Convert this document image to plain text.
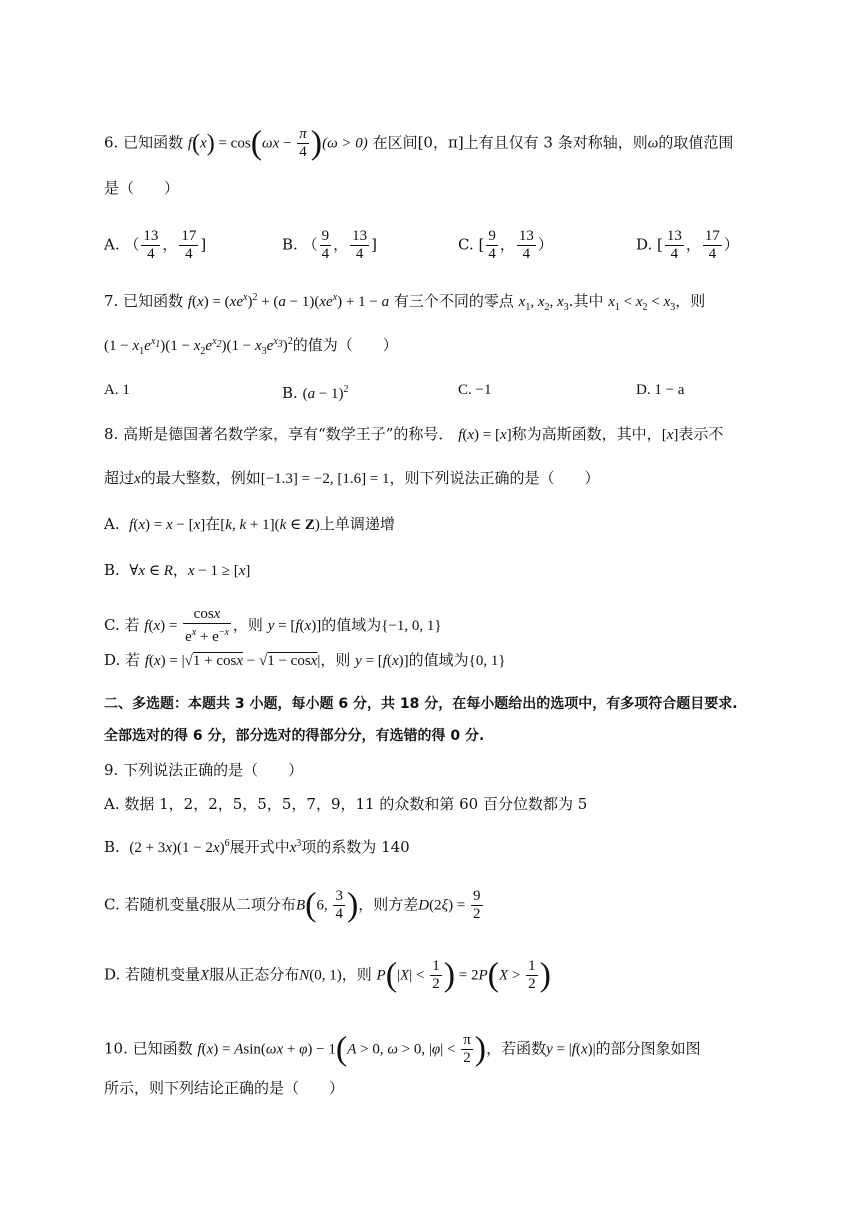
6. 已知函数 $f(x) = \cos(\omega x - \frac{\pi}{4} )(\omega > 0)$ 在区间[0，π]上有且仅有 3 条对称轴，则ω的取值范围
是（　　）
A. （ $\frac{13}{4}$ ， $\frac{17}{4}$ ]	B. （ $\frac{9}{4}$ ， $\frac{13}{4}$ ]	C. [ $\frac{9}{4}$ ， $\frac{13}{4}$ ）	D. [ $\frac{13}{4}$ ， $\frac{17}{4}$ ）
7. 已知函数 $f(x) = (xe^x)^2 + (a - 1)(xe^x) + 1 - a$ 有三个不同的零点 $x_1$, $x_2$, $x_3$.其中 $x_1 < x_2 < x_3$，则
$(1 - x_1e^{x_1})(1 - x_2e^{x_2})(1 - x_3e^{x_3})^2$的值为（　　）
A. 1	B. $(a - 1)^2$	C. −1	D. 1 − a
8. 高斯是德国著名数学家，享有“数学王子”的称号． f(x) = [x]称为高斯函数，其中，[x]表示不
超过x的最大整数，例如[−1.3] = −2, [1.6] = 1，则下列说法正确的是（　　）
A. f(x) = x − [x]在[k, k + 1](k ∈ Z)上单调递增
B. ∀x ∈ R，x − 1 ≥ [x]
C. 若 $f(x) = \frac{\cos x}{e^x + e^{-x}}$ ，则 y = [f(x)]的值域为{−1, 0, 1}
D. 若 f(x) = |√1 + cosx − √1 − cosx|，则 y = [f(x)]的值域为{0, 1}
二、多选题：本题共 3 小题，每小题 6 分，共 18 分，在每小题给出的选项中，有多项符合题目要求.
全部选对的得 6 分，部分选对的得部分分，有选错的得 0 分.
9. 下列说法正确的是（　　）
A. 数据 1，2，2，5，5，5，7，9，11 的众数和第 60 百分位数都为 5
B. $(2 + 3x)(1 - 2x)^6$展开式中$x^3$项的系数为 140
C. 若随机变量ξ服从二项分布B(6, $\frac{3}{4}$ )，则方差$D(2\xi) = \frac{9}{2}$
D. 若随机变量X服从正态分布N(0, 1)，则 $P(|X| < \frac{1}{2}$ ) = $2P(X > \frac{1}{2}$ )
10. 已知函数 f(x) = Asin(ωx + φ) − 1(A > 0, ω > 0, $|\varphi| < \frac{\pi}{2}$ )，若函数y = |f(x)|的部分图象如图
所示，则下列结论正确的是（　　）
